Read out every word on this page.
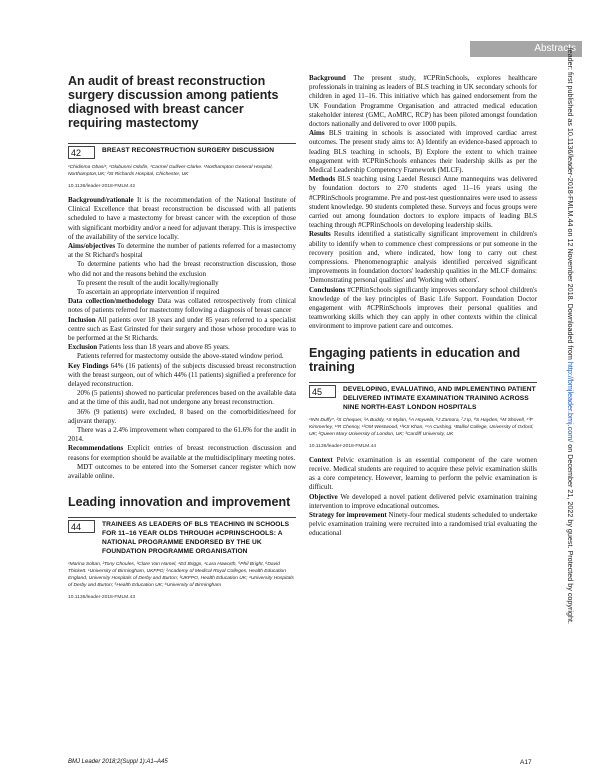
Abstracts
leader: first published as 10.1136/leader-2018-FMLM.44 on 12 November 2018. Downloaded from http://bmjleader.bmj.com/ on December 21, 2022 by guest. Protected by copyright.
An audit of breast reconstruction surgery discussion among patients diagnosed with breast cancer requiring mastectomy
42	BREAST RECONSTRUCTION SURGERY DISCUSSION
¹Chidinma Obasi*, ¹Olubunmi Odofin, ¹Carmel Gulliver-Clarke. ¹Northampton General Hospital, Northampton,UK; ²St Richards Hospital, Chichester, UK
10.1136/leader-2018-FMLM.42

Background/rationale It is the recommendation of the National Institute of Clinical Excellence that breast reconstruction be discussed with all patients scheduled to have a mastectomy for breast cancer with the exception of those with significant morbidity and/or a need for adjuvant therapy. This is irrespective of the availability of the service locally.

Aims/objectives To determine the number of patients referred for a mastectomy at the St Richard's hospital

To determine patients who had the breast reconstruction discussion, those who did not and the reasons behind the exclusion

To present the result of the audit locally/regionally

To ascertain an appropriate intervention if required

Data collection/methodology Data was collated retrospectively from clinical notes of patients referred for mastectomy following a diagnosis of breast cancer

Inclusion All patients over 18 years and under 85 years referred to a specialist centre such as East Grinsted for their surgery and those whose procedure was to be performed at the St Richards.

Exclusion Patients less than 18 years and above 85 years.

Patients referred for mastectomy outside the above-stated window period.

Key Findings 64% (16 patients) of the subjects discussed breast reconstruction with the breast surgeon, out of which 44% (11 patients) signified a preference for delayed reconstruction.

20% (5 patients) showed no particular preferences based on the available data and at the time of this audit, had not undergone any breast reconstruction.

36% (9 patients) were excluded, 8 based on the comorbidities/need for adjuvant therapy.

There was a 2.4% improvement when compared to the 61.6% for the audit in 2014.

Recommendations Explicit entries of breast reconstruction discussion and reasons for exemption should be available at the multidisciplinary meeting notes.

MDT outcomes to be entered into the Somerset cancer register which now available online.

Leading innovation and improvement
44	TRAINEES AS LEADERS OF BLS TEACHING IN SCHOOLS FOR 11–16 YEAR OLDS THROUGH #CPRINSCHOOLS: A NATIONAL PROGRAMME ENDORSED BY THE UK FOUNDATION PROGRAMME ORGANISATION
¹Marina Soltan, ²Tony Choules, ³Clare Van Hamel, ⁴Ed Briggs, ⁴Lara Haworth, ⁵Phil Bright, ⁶David Thickett. ¹University of Birmingham, UKFPO; ²Academy of Medical Royal Colleges, Health Education England, University Hospitals of Derby and Burton; ³UKFPO, Health Education UK; ⁴University Hospitals of Derby and Burton; ⁵Health Education UK; ⁶University of Birmingham
10.1136/leader-2018-FMLM.43

Background The present study, #CPRinSchools, explores healthcare professionals in training as leaders of BLS teaching in UK secondary schools for children in aged 11–16. This initiative which has gained endorsement from the UK Foundation Programme Organisation and attracted medical education stakeholder interest (GMC, AoMRC, RCP) has been piloted amongst foundation doctors nationally and delivered to over 1000 pupils.

Aims BLS training in schools is associated with improved cardiac arrest outcomes. The present study aims to: A) Identify an evidence-based approach to leading BLS teaching in schools, B) Explore the extent to which trainee engagement with #CPRinSchools enhances their leadership skills as per the Medical Leadership Competency Framework (MLCF).

Methods BLS teaching using Laedel Resusci Anne mannequins was delivered by foundation doctors to 270 students aged 11–16 years using the #CPRinSchools programme. Pre and post-test questionnaires were used to assess student knowledge. 90 students completed these. Surveys and focus groups were carried out among foundation doctors to explore impacts of leading BLS teaching through #CPRinSchools on developing leadership skills.

Results Results identified a statistically significant improvement in children's ability to identify when to commence chest compressions or put someone in the recovery position and, where indicated, how long to carry out chest compressions. Phenomenographic analysis identified perceived significant improvements in foundation doctors' leadership qualities in the MLCF domains: 'Demonstrating personal qualities' and 'Working with others'.

Conclusions #CPRinSchools significantly improves secondary school children's knowledge of the key principles of Basic Life Support. Foundation Doctor engagement with #CPRinSchools improves their personal qualities and teamworking skills which they can apply in other contexts within the clinical environment to improve patient care and outcomes.

Engaging patients in education and training
45	DEVELOPING, EVALUATING, AND IMPLEMENTING PATIENT DELIVERED INTIMATE EXAMINATION TRAINING ACROSS NINE NORTH-EAST LONDON HOSPITALS
¹INN Duffy*, ²S Chequer, ³A Buddy, ⁴S Mylan, ⁵A Hoyuela, ⁶J Zamora, ⁷J Ip, ⁸S Hayden, ⁹M Shovell, ¹⁰F Kimmerley, ¹¹R Chenoy, ¹²OM Westwood, ¹³KS Khan, ¹⁴A Cushing. ¹Balliol College, University of Oxford, UK; ²Queen Mary University of London, UK; ³Cardiff University, UK
10.1136/leader-2018-FMLM.44

Context Pelvic examination is an essential component of the care women receive. Medical students are required to acquire these pelvic examination skills as a core competency. However, learning to perform the pelvic examination is difficult.

Objective We developed a novel patient delivered pelvic examination training intervention to improve educational outcomes.

Strategy for improvement Ninety-four medical students scheduled to undertake pelvic examination training were recruited into a randomised trial evaluating the educational

BMJ Leader 2018;2(Suppl 1):A1–A45	A17
